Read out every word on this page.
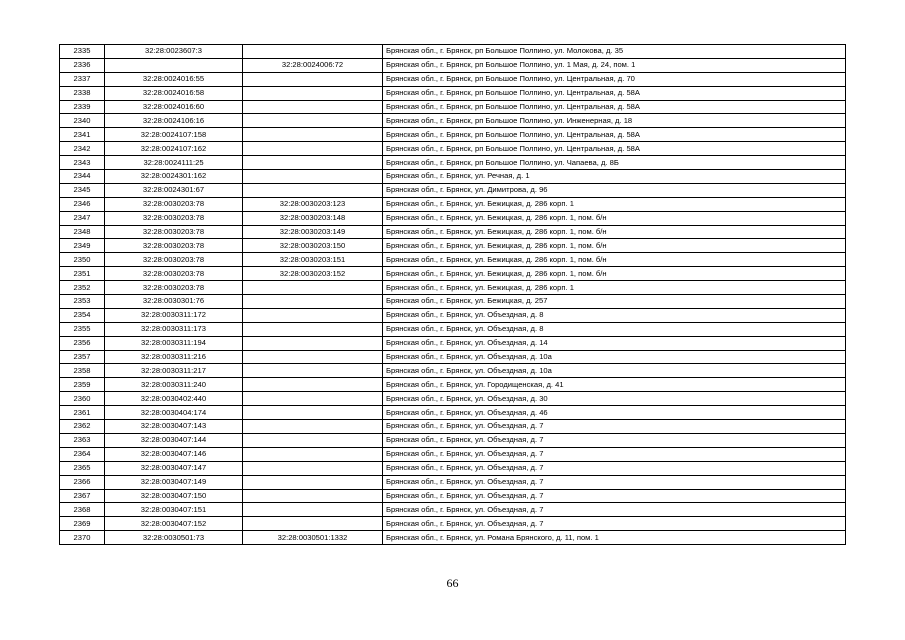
2335	32:28:0023607:3		Брянская обл., г. Брянск, рп Большое Полпино, ул. Молокова, д. 35
2336		32:28:0024006:72	Брянская обл., г. Брянск, рп Большое Полпино, ул. 1 Мая, д. 24, пом. 1
2337	32:28:0024016:55		Брянская обл., г. Брянск, рп Большое Полпино, ул. Центральная, д. 70
2338	32:28:0024016:58		Брянская обл., г. Брянск, рп Большое Полпино, ул. Центральная, д. 58А
2339	32:28:0024016:60		Брянская обл., г. Брянск, рп Большое Полпино, ул. Центральная, д. 58А
2340	32:28:0024106:16		Брянская обл., г. Брянск, рп Большое Полпино, ул. Инженерная, д. 18
2341	32:28:0024107:158		Брянская обл., г. Брянск, рп Большое Полпино, ул. Центральная, д. 58А
2342	32:28:0024107:162		Брянская обл., г. Брянск, рп Большое Полпино, ул. Центральная, д. 58А
2343	32:28:0024111:25		Брянская обл., г. Брянск, рп Большое Полпино, ул. Чапаева, д. 8Б
2344	32:28:0024301:162		Брянская обл., г. Брянск, ул. Речная, д. 1
2345	32:28:0024301:67		Брянская обл., г. Брянск, ул. Димитрова, д. 96
2346	32:28:0030203:78	32:28:0030203:123	Брянская обл., г. Брянск, ул. Бежицкая, д. 286 корп. 1
2347	32:28:0030203:78	32:28:0030203:148	Брянская обл., г. Брянск, ул. Бежицкая, д. 286 корп. 1, пом. б/н
2348	32:28:0030203:78	32:28:0030203:149	Брянская обл., г. Брянск, ул. Бежицкая, д. 286 корп. 1, пом. б/н
2349	32:28:0030203:78	32:28:0030203:150	Брянская обл., г. Брянск, ул. Бежицкая, д. 286 корп. 1, пом. б/н
2350	32:28:0030203:78	32:28:0030203:151	Брянская обл., г. Брянск, ул. Бежицкая, д. 286 корп. 1, пом. б/н
2351	32:28:0030203:78	32:28:0030203:152	Брянская обл., г. Брянск, ул. Бежицкая, д. 286 корп. 1, пом. б/н
2352	32:28:0030203:78		Брянская обл., г. Брянск, ул. Бежицкая, д. 286 корп. 1
2353	32:28:0030301:76		Брянская обл., г. Брянск, ул. Бежицкая, д. 257
2354	32:28:0030311:172		Брянская обл., г. Брянск, ул. Объездная, д. 8
2355	32:28:0030311:173		Брянская обл., г. Брянск, ул. Объездная, д. 8
2356	32:28:0030311:194		Брянская обл., г. Брянск, ул. Объездная, д. 14
2357	32:28:0030311:216		Брянская обл., г. Брянск, ул. Объездная, д. 10а
2358	32:28:0030311:217		Брянская обл., г. Брянск, ул. Объездная, д. 10а
2359	32:28:0030311:240		Брянская обл., г. Брянск, ул. Городищенская, д. 41
2360	32:28:0030402:440		Брянская обл., г. Брянск, ул. Объездная, д. 30
2361	32:28:0030404:174		Брянская обл., г. Брянск, ул. Объездная, д. 46
2362	32:28:0030407:143		Брянская обл., г. Брянск, ул. Объездная, д. 7
2363	32:28:0030407:144		Брянская обл., г. Брянск, ул. Объездная, д. 7
2364	32:28:0030407:146		Брянская обл., г. Брянск, ул. Объездная, д. 7
2365	32:28:0030407:147		Брянская обл., г. Брянск, ул. Объездная, д. 7
2366	32:28:0030407:149		Брянская обл., г. Брянск, ул. Объездная, д. 7
2367	32:28:0030407:150		Брянская обл., г. Брянск, ул. Объездная, д. 7
2368	32:28:0030407:151		Брянская обл., г. Брянск, ул. Объездная, д. 7
2369	32:28:0030407:152		Брянская обл., г. Брянск, ул. Объездная, д. 7
2370	32:28:0030501:73	32:28:0030501:1332	Брянская обл., г. Брянск, ул. Романа Брянского, д. 11, пом. 1
66
